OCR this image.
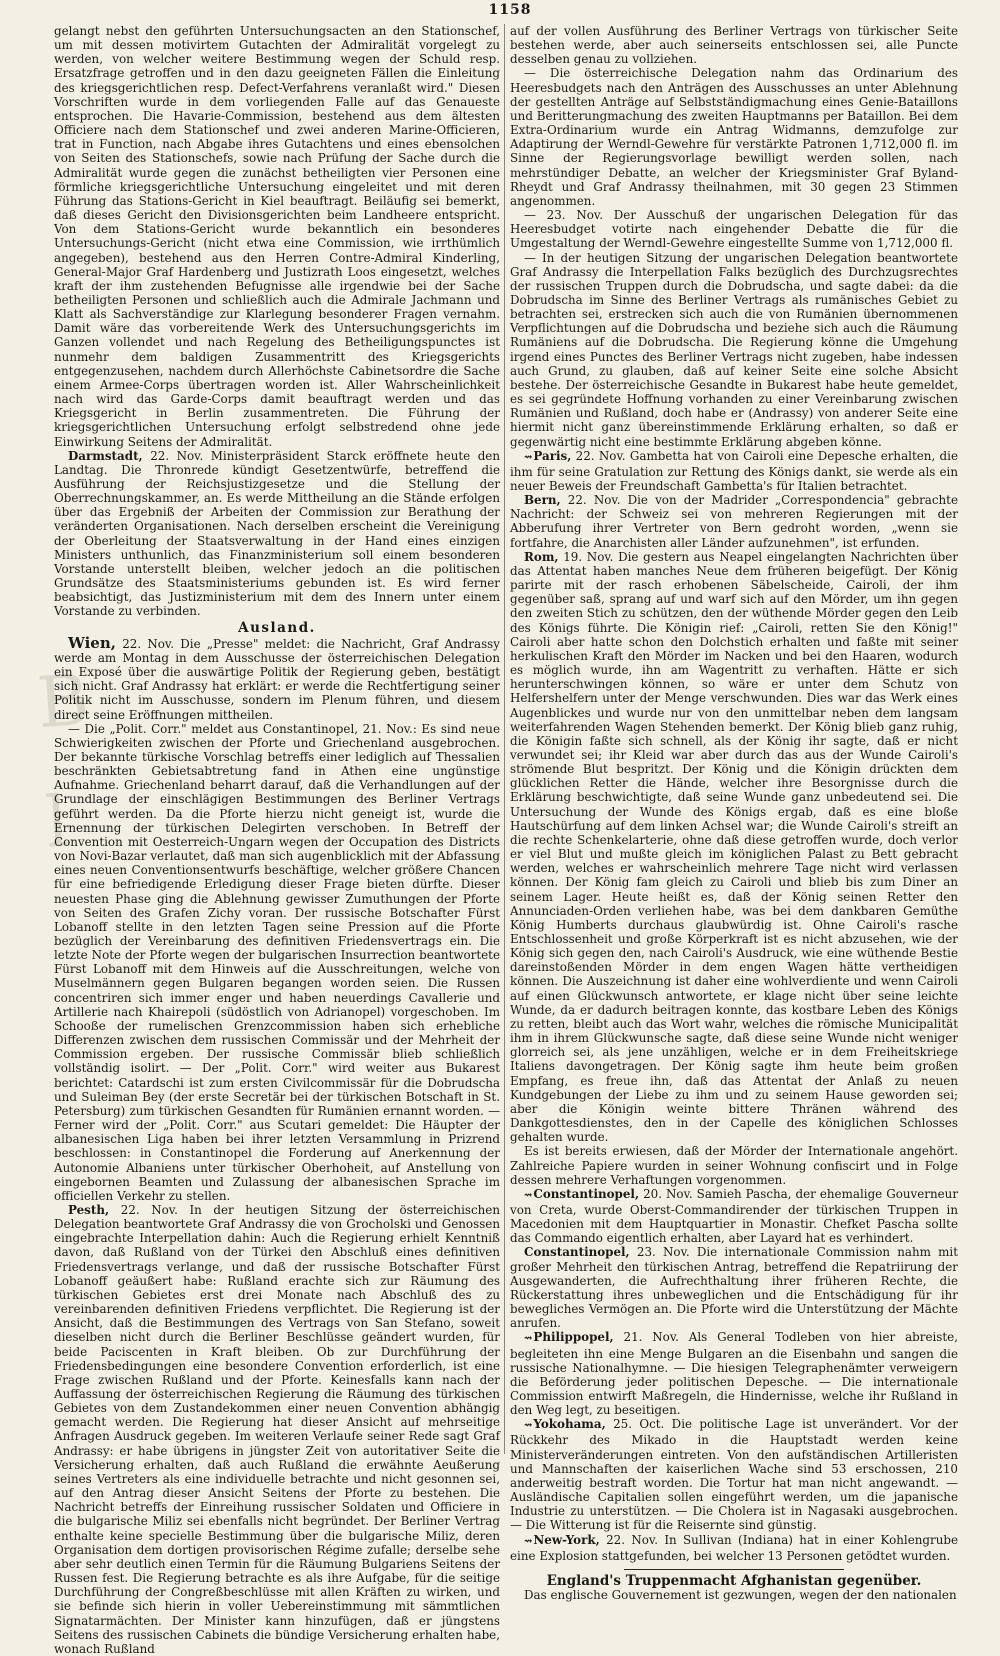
1158
B
l

gelangt nebst den geführten Untersuchungsacten an den Stationschef, um mit dessen motivirtem Gutachten der Admiralität vorgelegt zu werden, von welcher weitere Bestimmung wegen der Schuld resp. Ersatzfrage getroffen und in den dazu geeigneten Fällen die Einleitung des kriegsgerichtlichen resp. Defect-Verfahrens veranlaßt wird." Diesen Vorschriften wurde in dem vorliegenden Falle auf das Genaueste entsprochen. Die Havarie-Commission, bestehend aus dem ältesten Officiere nach dem Stationschef und zwei anderen Marine-Officieren, trat in Function, nach Abgabe ihres Gutachtens und eines ebensolchen von Seiten des Stationschefs, sowie nach Prüfung der Sache durch die Admiralität wurde gegen die zunächst betheiligten vier Personen eine förmliche kriegsgerichtliche Untersuchung eingeleitet und mit deren Führung das Stations-Gericht in Kiel beauftragt. Beiläufig sei bemerkt, daß dieses Gericht den Divisionsgerichten beim Landheere entspricht. Von dem Stations-Gericht wurde bekanntlich ein besonderes Untersuchungs-Gericht (nicht etwa eine Commission, wie irrthümlich angegeben), bestehend aus den Herren Contre-Admiral Kinderling, General-Major Graf Hardenberg und Justizrath Loos eingesetzt, welches kraft der ihm zustehenden Befugnisse alle irgendwie bei der Sache betheiligten Personen und schließlich auch die Admirale Jachmann und Klatt als Sachverständige zur Klarlegung besonderer Fragen vernahm. Damit wäre das vorbereitende Werk des Untersuchungsgerichts im Ganzen vollendet und nach Regelung des Betheiligungspunctes ist nunmehr dem baldigen Zusammentritt des Kriegsgerichts entgegenzusehen, nachdem durch Allerhöchste Cabinetsordre die Sache einem Armee-Corps übertragen worden ist. Aller Wahrscheinlichkeit nach wird das Garde-Corps damit beauftragt werden und das Kriegsgericht in Berlin zusammentreten. Die Führung der kriegsgerichtlichen Untersuchung erfolgt selbstredend ohne jede Einwirkung Seitens der Admiralität.

Darmstadt, 22. Nov. Ministerpräsident Starck eröffnete heute den Landtag. Die Thronrede kündigt Gesetzentwürfe, betreffend die Ausführung der Reichsjustizgesetze und die Stellung der Oberrechnungskammer, an. Es werde Mittheilung an die Stände erfolgen über das Ergebniß der Arbeiten der Commission zur Berathung der veränderten Organisationen. Nach derselben erscheint die Vereinigung der Oberleitung der Staatsverwaltung in der Hand eines einzigen Ministers unthunlich, das Finanzministerium soll einem besonderen Vorstande unterstellt bleiben, welcher jedoch an die politischen Grundsätze des Staatsministeriums gebunden ist. Es wird ferner beabsichtigt, das Justizministerium mit dem des Innern unter einem Vorstande zu verbinden.

Ausland.

Wien, 22. Nov. Die „Presse" meldet: die Nachricht, Graf Andrassy werde am Montag in dem Ausschusse der österreichischen Delegation ein Exposé über die auswärtige Politik der Regierung geben, bestätigt sich nicht. Graf Andrassy hat erklärt: er werde die Rechtfertigung seiner Politik nicht im Ausschusse, sondern im Plenum führen, und diesem direct seine Eröffnungen mittheilen.

— Die „Polit. Corr." meldet aus Constantinopel, 21. Nov.: Es sind neue Schwierigkeiten zwischen der Pforte und Griechenland ausgebrochen. Der bekannte türkische Vorschlag betreffs einer lediglich auf Thessalien beschränkten Gebietsabtretung fand in Athen eine ungünstige Aufnahme. Griechenland beharrt darauf, daß die Verhandlungen auf der Grundlage der einschlägigen Bestimmungen des Berliner Vertrags geführt werden. Da die Pforte hierzu nicht geneigt ist, wurde die Ernennung der türkischen Delegirten verschoben. In Betreff der Convention mit Oesterreich-Ungarn wegen der Occupation des Districts von Novi-Bazar verlautet, daß man sich augenblicklich mit der Abfassung eines neuen Conventionsentwurfs beschäftige, welcher größere Chancen für eine befriedigende Erledigung dieser Frage bieten dürfte. Dieser neuesten Phase ging die Ablehnung gewisser Zumuthungen der Pforte von Seiten des Grafen Zichy voran. Der russische Botschafter Fürst Lobanoff stellte in den letzten Tagen seine Pression auf die Pforte bezüglich der Vereinbarung des definitiven Friedensvertrags ein. Die letzte Note der Pforte wegen der bulgarischen Insurrection beantwortete Fürst Lobanoff mit dem Hinweis auf die Ausschreitungen, welche von Muselmännern gegen Bulgaren begangen worden seien. Die Russen concentriren sich immer enger und haben neuerdings Cavallerie und Artillerie nach Khairepoli (südöstlich von Adrianopel) vorgeschoben. Im Schooße der rumelischen Grenzcommission haben sich erhebliche Differenzen zwischen dem russischen Commissär und der Mehrheit der Commission ergeben. Der russische Commissär blieb schließlich vollständig isolirt. — Der „Polit. Corr." wird weiter aus Bukarest berichtet: Catardschi ist zum ersten Civilcommissär für die Dobrudscha und Suleiman Bey (der erste Secretär bei der türkischen Botschaft in St. Petersburg) zum türkischen Gesandten für Rumänien ernannt worden. — Ferner wird der „Polit. Corr." aus Scutari gemeldet: Die Häupter der albanesischen Liga haben bei ihrer letzten Versammlung in Prizrend beschlossen: in Constantinopel die Forderung auf Anerkennung der Autonomie Albaniens unter türkischer Oberhoheit, auf Anstellung von eingebornen Beamten und Zulassung der albanesischen Sprache im officiellen Verkehr zu stellen.

Pesth, 22. Nov. In der heutigen Sitzung der österreichischen Delegation beantwortete Graf Andrassy die von Grocholski und Genossen eingebrachte Interpellation dahin: Auch die Regierung erhielt Kenntniß davon, daß Rußland von der Türkei den Abschluß eines definitiven Friedensvertrags verlange, und daß der russische Botschafter Fürst Lobanoff geäußert habe: Rußland erachte sich zur Räumung des türkischen Gebietes erst drei Monate nach Abschluß des zu vereinbarenden definitiven Friedens verpflichtet. Die Regierung ist der Ansicht, daß die Bestimmungen des Vertrags von San Stefano, soweit dieselben nicht durch die Berliner Beschlüsse geändert wurden, für beide Paciscenten in Kraft bleiben. Ob zur Durchführung der Friedensbedingungen eine besondere Convention erforderlich, ist eine Frage zwischen Rußland und der Pforte. Keinesfalls kann nach der Auffassung der österreichischen Regierung die Räumung des türkischen Gebietes von dem Zustandekommen einer neuen Convention abhängig gemacht werden. Die Regierung hat dieser Ansicht auf mehrseitige Anfragen Ausdruck gegeben. Im weiteren Verlaufe seiner Rede sagt Graf Andrassy: er habe übrigens in jüngster Zeit von autoritativer Seite die Versicherung erhalten, daß auch Rußland die erwähnte Aeußerung seines Vertreters als eine individuelle betrachte und nicht gesonnen sei, auf den Antrag dieser Ansicht Seitens der Pforte zu bestehen. Die Nachricht betreffs der Einreihung russischer Soldaten und Officiere in die bulgarische Miliz sei ebenfalls nicht begründet. Der Berliner Vertrag enthalte keine specielle Bestimmung über die bulgarische Miliz, deren Organisation dem dortigen provisorischen Régime zufalle; derselbe sehe aber sehr deutlich einen Termin für die Räumung Bulgariens Seitens der Russen fest. Die Regierung betrachte es als ihre Aufgabe, für die seitige Durchführung der Congreßbeschlüsse mit allen Kräften zu wirken, und sie befinde sich hierin in voller Uebereinstimmung mit sämmtlichen Signatarmächten. Der Minister kann hinzufügen, daß er jüngstens Seitens des russischen Cabinets die bündige Versicherung erhalten habe, wonach Rußland

auf der vollen Ausführung des Berliner Vertrags von türkischer Seite bestehen werde, aber auch seinerseits entschlossen sei, alle Puncte desselben genau zu vollziehen.

— Die österreichische Delegation nahm das Ordinarium des Heeresbudgets nach den Anträgen des Ausschusses an unter Ablehnung der gestellten Anträge auf Selbstständigmachung eines Genie-Bataillons und Beritterungmachung des zweiten Hauptmanns per Bataillon. Bei dem Extra-Ordinarium wurde ein Antrag Widmanns, demzufolge zur Adaptirung der Werndl-Gewehre für verstärkte Patronen 1,712,000 fl. im Sinne der Regierungsvorlage bewilligt werden sollen, nach mehrstündiger Debatte, an welcher der Kriegsminister Graf Byland-Rheydt und Graf Andrassy theilnahmen, mit 30 gegen 23 Stimmen angenommen.

— 23. Nov. Der Ausschuß der ungarischen Delegation für das Heeresbudget votirte nach eingehender Debatte die für die Umgestaltung der Werndl-Gewehre eingestellte Summe von 1,712,000 fl.

— In der heutigen Sitzung der ungarischen Delegation beantwortete Graf Andrassy die Interpellation Falks bezüglich des Durchzugsrechtes der russischen Truppen durch die Dobrudscha, und sagte dabei: da die Dobrudscha im Sinne des Berliner Vertrags als rumänisches Gebiet zu betrachten sei, erstrecken sich auch die von Rumänien übernommenen Verpflichtungen auf die Dobrudscha und beziehe sich auch die Räumung Rumäniens auf die Dobrudscha. Die Regierung könne die Umgehung irgend eines Punctes des Berliner Vertrags nicht zugeben, habe indessen auch Grund, zu glauben, daß auf keiner Seite eine solche Absicht bestehe. Der österreichische Gesandte in Bukarest habe heute gemeldet, es sei gegründete Hoffnung vorhanden zu einer Vereinbarung zwischen Rumänien und Rußland, doch habe er (Andrassy) von anderer Seite eine hiermit nicht ganz übereinstimmende Erklärung erhalten, so daß er gegenwärtig nicht eine bestimmte Erklärung abgeben könne.

⇝ Paris, 22. Nov. Gambetta hat von Cairoli eine Depesche erhalten, die ihm für seine Gratulation zur Rettung des Königs dankt, sie werde als ein neuer Beweis der Freundschaft Gambetta's für Italien betrachtet.

Bern, 22. Nov. Die von der Madrider „Correspondencia" gebrachte Nachricht: der Schweiz sei von mehreren Regierungen mit der Abberufung ihrer Vertreter von Bern gedroht worden, „wenn sie fortfahre, die Anarchisten aller Länder aufzunehmen", ist erfunden.

Rom, 19. Nov. Die gestern aus Neapel eingelangten Nachrichten über das Attentat haben manches Neue dem früheren beigefügt. Der König parirte mit der rasch erhobenen Säbelscheide, Cairoli, der ihm gegenüber saß, sprang auf und warf sich auf den Mörder, um ihn gegen den zweiten Stich zu schützen, den der wüthende Mörder gegen den Leib des Königs führte. Die Königin rief: „Cairoli, retten Sie den König!" Cairoli aber hatte schon den Dolchstich erhalten und faßte mit seiner herkulischen Kraft den Mörder im Nacken und bei den Haaren, wodurch es möglich wurde, ihn am Wagentritt zu verhaften. Hätte er sich herunterschwingen können, so wäre er unter dem Schutz von Helfershelfern unter der Menge verschwunden. Dies war das Werk eines Augenblickes und wurde nur von den unmittelbar neben dem langsam weiterfahrenden Wagen Stehenden bemerkt. Der König blieb ganz ruhig, die Königin faßte sich schnell, als der König ihr sagte, daß er nicht verwundet sei; ihr Kleid war aber durch das aus der Wunde Cairoli's strömende Blut bespritzt. Der König und die Königin drückten dem glücklichen Retter die Hände, welcher ihre Besorgnisse durch die Erklärung beschwichtigte, daß seine Wunde ganz unbedeutend sei. Die Untersuchung der Wunde des Königs ergab, daß es eine bloße Hautschürfung auf dem linken Achsel war; die Wunde Cairoli's streift an die rechte Schenkelarterie, ohne daß diese getroffen wurde, doch verlor er viel Blut und mußte gleich im königlichen Palast zu Bett gebracht werden, welches er wahrscheinlich mehrere Tage nicht wird verlassen können. Der König fam gleich zu Cairoli und blieb bis zum Diner an seinem Lager. Heute heißt es, daß der König seinen Retter den Annunciaden-Orden verliehen habe, was bei dem dankbaren Gemüthe König Humberts durchaus glaubwürdig ist. Ohne Cairoli's rasche Entschlossenheit und große Körperkraft ist es nicht abzusehen, wie der König sich gegen den, nach Cairoli's Ausdruck, wie eine wüthende Bestie dareinstoßenden Mörder in dem engen Wagen hätte vertheidigen können. Die Auszeichnung ist daher eine wohlverdiente und wenn Cairoli auf einen Glückwunsch antwortete, er klage nicht über seine leichte Wunde, da er dadurch beitragen konnte, das kostbare Leben des Königs zu retten, bleibt auch das Wort wahr, welches die römische Municipalität ihm in ihrem Glückwunsche sagte, daß diese seine Wunde nicht weniger glorreich sei, als jene unzähligen, welche er in dem Freiheitskriege Italiens davongetragen. Der König sagte ihm heute beim großen Empfang, es freue ihn, daß das Attentat der Anlaß zu neuen Kundgebungen der Liebe zu ihm und zu seinem Hause geworden sei; aber die Königin weinte bittere Thränen während des Dankgottesdienstes, den in der Capelle des königlichen Schlosses gehalten wurde.

Es ist bereits erwiesen, daß der Mörder der Internationale angehört. Zahlreiche Papiere wurden in seiner Wohnung confiscirt und in Folge dessen mehrere Verhaftungen vorgenommen.

⇝ Constantinopel, 20. Nov. Samieh Pascha, der ehemalige Gouverneur von Creta, wurde Oberst-Commandirender der türkischen Truppen in Macedonien mit dem Hauptquartier in Monastir. Chefket Pascha sollte das Commando eigentlich erhalten, aber Layard hat es verhindert.

Constantinopel, 23. Nov. Die internationale Commission nahm mit großer Mehrheit den türkischen Antrag, betreffend die Repatriirung der Ausgewanderten, die Aufrechthaltung ihrer früheren Rechte, die Rückerstattung ihres unbeweglichen und die Entschädigung für ihr bewegliches Vermögen an. Die Pforte wird die Unterstützung der Mächte anrufen.

⇝ Philippopel, 21. Nov. Als General Todleben von hier abreiste, begleiteten ihn eine Menge Bulgaren an die Eisenbahn und sangen die russische Nationalhymne. — Die hiesigen Telegraphenämter verweigern die Beförderung jeder politischen Depesche. — Die internationale Commission entwirft Maßregeln, die Hindernisse, welche ihr Rußland in den Weg legt, zu beseitigen.

⇝ Yokohama, 25. Oct. Die politische Lage ist unverändert. Vor der Rückkehr des Mikado in die Hauptstadt werden keine Ministerveränderungen eintreten. Von den aufständischen Artilleristen und Mannschaften der kaiserlichen Wache sind 53 erschossen, 210 anderweitig bestraft worden. Die Tortur hat man nicht angewandt. — Ausländische Capitalien sollen eingeführt werden, um die japanische Industrie zu unterstützen. — Die Cholera ist in Nagasaki ausgebrochen. — Die Witterung ist für die Reisernte sind günstig.

⇝ New-York, 22. Nov. In Sullivan (Indiana) hat in einer Kohlengrube eine Explosion stattgefunden, bei welcher 13 Personen getödtet wurden.

England's Truppenmacht Afghanistan gegenüber.

Das englische Gouvernement ist gezwungen, wegen der den nationalen
